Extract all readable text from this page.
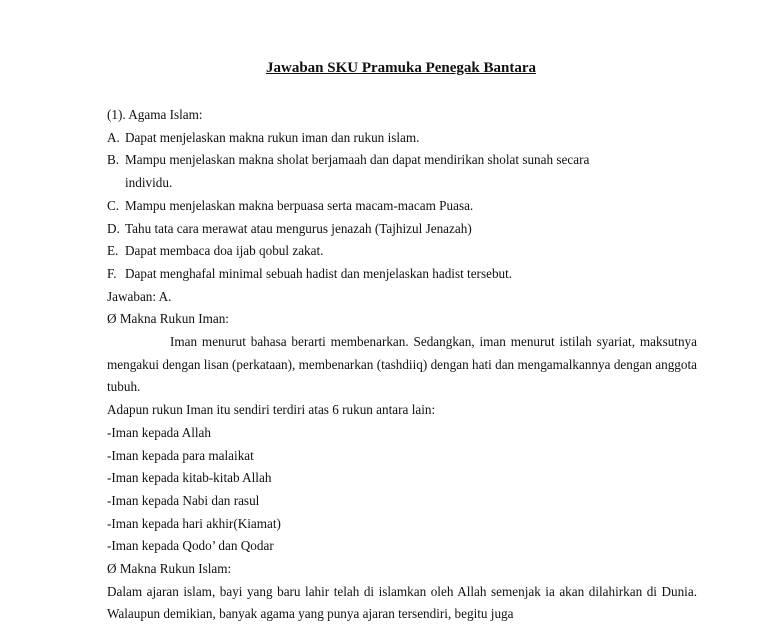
Jawaban SKU Pramuka Penegak Bantara
(1). Agama Islam:
A. Dapat menjelaskan makna rukun iman dan rukun islam.
B. Mampu menjelaskan makna sholat berjamaah dan dapat mendirikan sholat sunah secara
individu.
C. Mampu menjelaskan makna berpuasa serta macam-macam Puasa.
D. Tahu tata cara merawat atau mengurus jenazah (Tajhizul Jenazah)
E. Dapat membaca doa ijab qobul zakat.
F. Dapat menghafal minimal sebuah hadist dan menjelaskan hadist tersebut.
Jawaban: A.
Ø Makna Rukun Iman:
Iman menurut bahasa berarti membenarkan. Sedangkan, iman menurut istilah syariat, maksutnya mengakui dengan lisan (perkataan), membenarkan (tashdiiq) dengan hati dan mengamalkannya dengan anggota tubuh.
Adapun rukun Iman itu sendiri terdiri atas 6 rukun antara lain:
-Iman kepada Allah
-Iman kepada para malaikat
-Iman kepada kitab-kitab Allah
-Iman kepada Nabi dan rasul
-Iman kepada hari akhir(Kiamat)
-Iman kepada Qodo’ dan Qodar
Ø Makna Rukun Islam:
Dalam ajaran islam, bayi yang baru lahir telah di islamkan oleh Allah semenjak ia akan dilahirkan di Dunia. Walaupun demikian, banyak agama yang punya ajaran tersendiri, begitu juga
